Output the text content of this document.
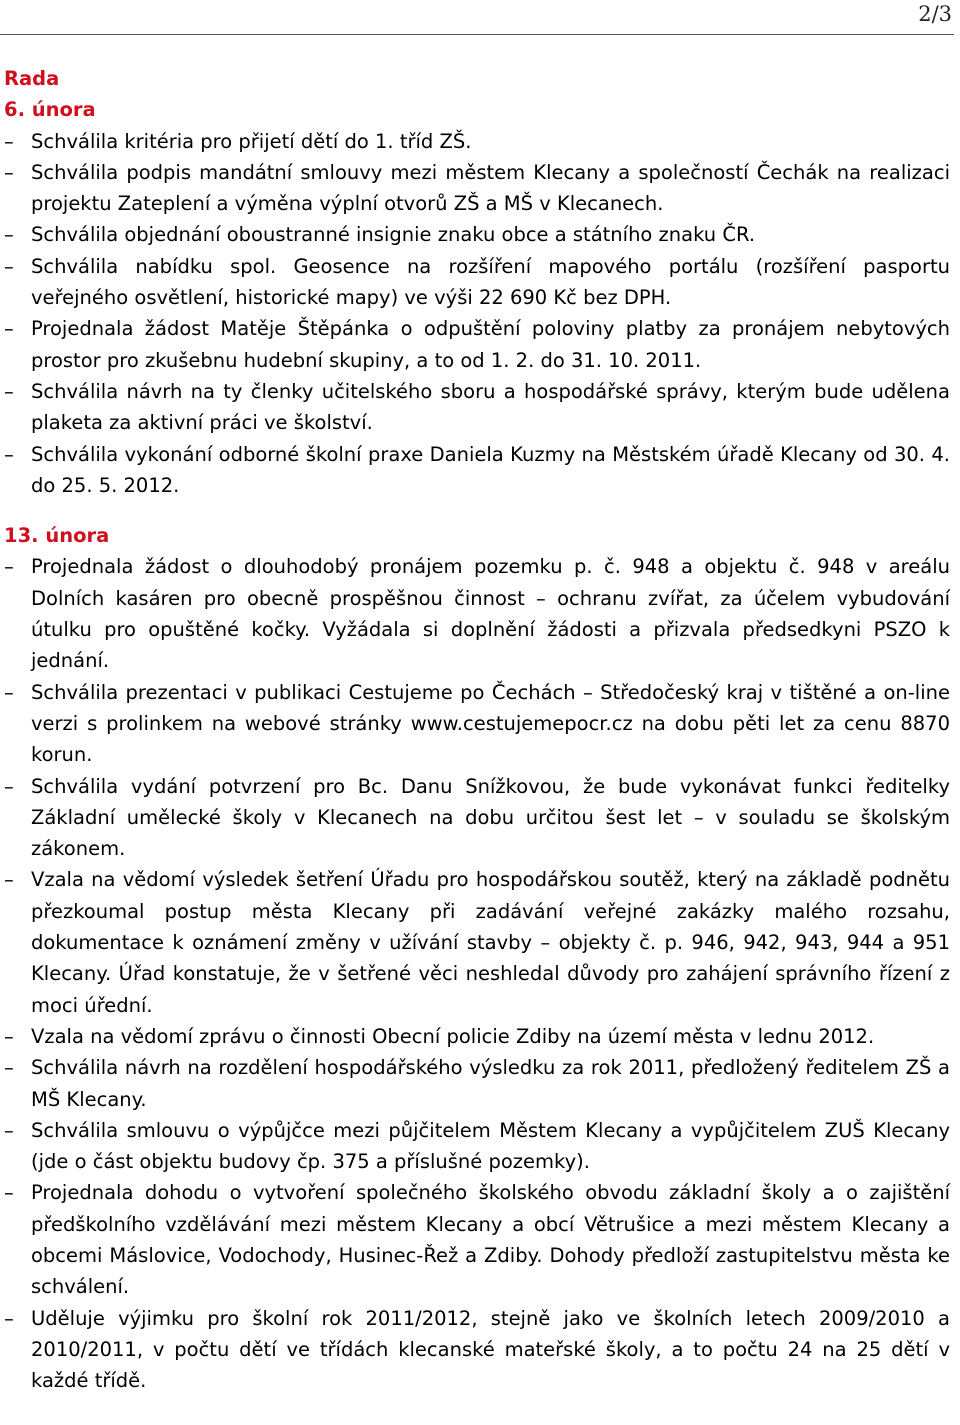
2/3
Rada
6. února
– Schválila kritéria pro přijetí dětí do 1. tříd ZŠ.
– Schválila podpis mandátní smlouvy mezi městem Klecany a společností Čechák na realizaci projektu Zateplení a výměna výplní otvorů ZŠ a MŠ v Klecanech.
– Schválila objednání oboustranné insignie znaku obce a státního znaku ČR.
– Schválila nabídku spol. Geosence na rozšíření mapového portálu (rozšíření pasportu veřejného osvětlení, historické mapy) ve výši 22 690 Kč bez DPH.
– Projednala žádost Matěje Štěpánka o odpuštění poloviny platby za pronájem nebytových prostor pro zkušebnu hudební skupiny, a to od 1. 2. do 31. 10. 2011.
– Schválila návrh na ty členky učitelského sboru a hospodářské správy, kterým bude udělena plaketa za aktivní práci ve školství.
– Schválila vykonání odborné školní praxe Daniela Kuzmy na Městském úřadě Klecany od 30. 4. do 25. 5. 2012.
13. února
– Projednala žádost o dlouhodobý pronájem pozemku p. č. 948 a objektu č. 948 v areálu Dolních kasáren pro obecně prospěšnou činnost – ochranu zvířat, za účelem vybudování útulku pro opuštěné kočky. Vyžádala si doplnění žádosti a přizvala předsedkyni PSZO k jednání.
– Schválila prezentaci v publikaci Cestujeme po Čechách – Středočeský kraj v tištěné a on-line verzi s prolinkem na webové stránky www.cestujemepocr.cz na dobu pěti let za cenu 8870 korun.
– Schválila vydání potvrzení pro Bc. Danu Snížkovou, že bude vykonávat funkci ředitelky Základní umělecké školy v Klecanech na dobu určitou šest let – v souladu se školským zákonem.
– Vzala na vědomí výsledek šetření Úřadu pro hospodářskou soutěž, který na základě podnětu přezkoumal postup města Klecany při zadávání veřejné zakázky malého rozsahu, dokumentace k oznámení změny v užívání stavby – objekty č. p. 946, 942, 943, 944 a 951 Klecany. Úřad konstatuje, že v šetřené věci neshledal důvody pro zahájení správního řízení z moci úřední.
– Vzala na vědomí zprávu o činnosti Obecní policie Zdiby na území města v lednu 2012.
– Schválila návrh na rozdělení hospodářského výsledku za rok 2011, předložený ředitelem ZŠ a MŠ Klecany.
– Schválila smlouvu o výpůjčce mezi půjčitelem Městem Klecany a vypůjčitelem ZUŠ Klecany (jde o část objektu budovy čp. 375 a příslušné pozemky).
– Projednala dohodu o vytvoření společného školského obvodu základní školy a o zajištění předškolního vzdělávání mezi městem Klecany a obcí Větrušice a mezi městem Klecany a obcemi Máslovice, Vodochody, Husinec-Řež a Zdiby. Dohody předloží zastupitelstvu města ke schválení.
– Uděluje výjimku pro školní rok 2011/2012, stejně jako ve školních letech 2009/2010 a 2010/2011, v počtu dětí ve třídách klecanské mateřské školy, a to počtu 24 na 25 dětí v každé třídě.
